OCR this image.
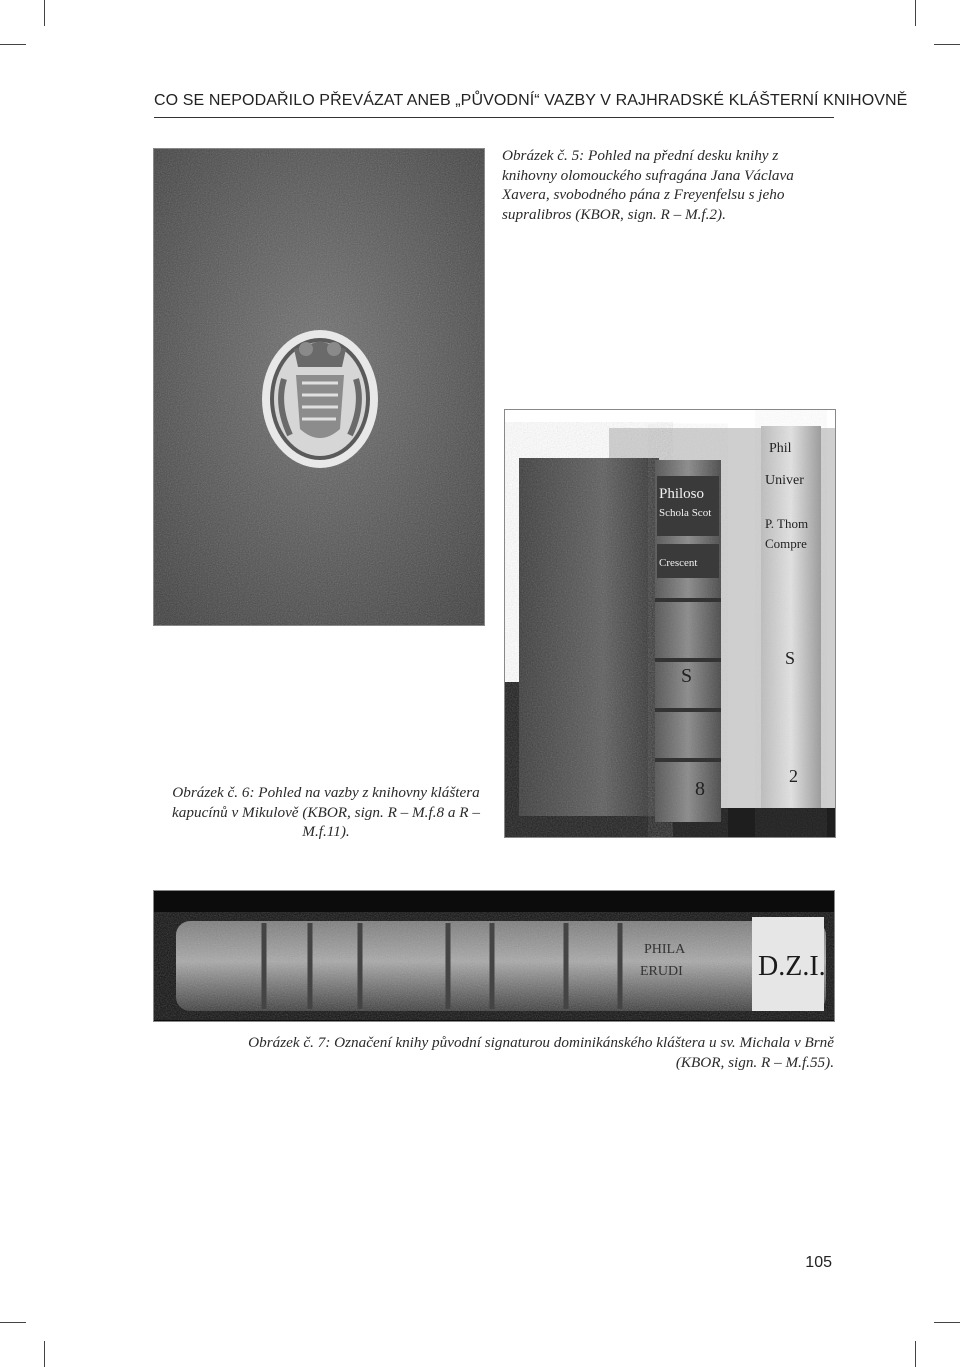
CO SE NEPODAŘILO PŘEVÁZAT ANEB „PŮVODNÍ“ VAZBY V RAJHRADSKÉ KLÁŠTERNÍ KNIHOVNĚ
Obrázek č. 5: Pohled na přední desku knihy z knihovny olomouckého sufragána Jana Václava Xavera, svobodného pána z Freyenfelsu s jeho supralibros (KBOR, sign. R – M.f.2).
Philoso
Schola Scot
Crescent
S
8
Phil
Univer
P. Thom
Compre
S
2
Obrázek č. 6: Pohled na vazby z knihovny kláštera kapucínů v Mikulově (KBOR, sign. R – M.f.8 a R – M.f.11).
D.Z.I.
PHILA
ERUDI
Obrázek č. 7: Označení knihy původní signaturou dominikánského kláštera u sv. Michala v Brně
(KBOR, sign. R – M.f.55).
105
